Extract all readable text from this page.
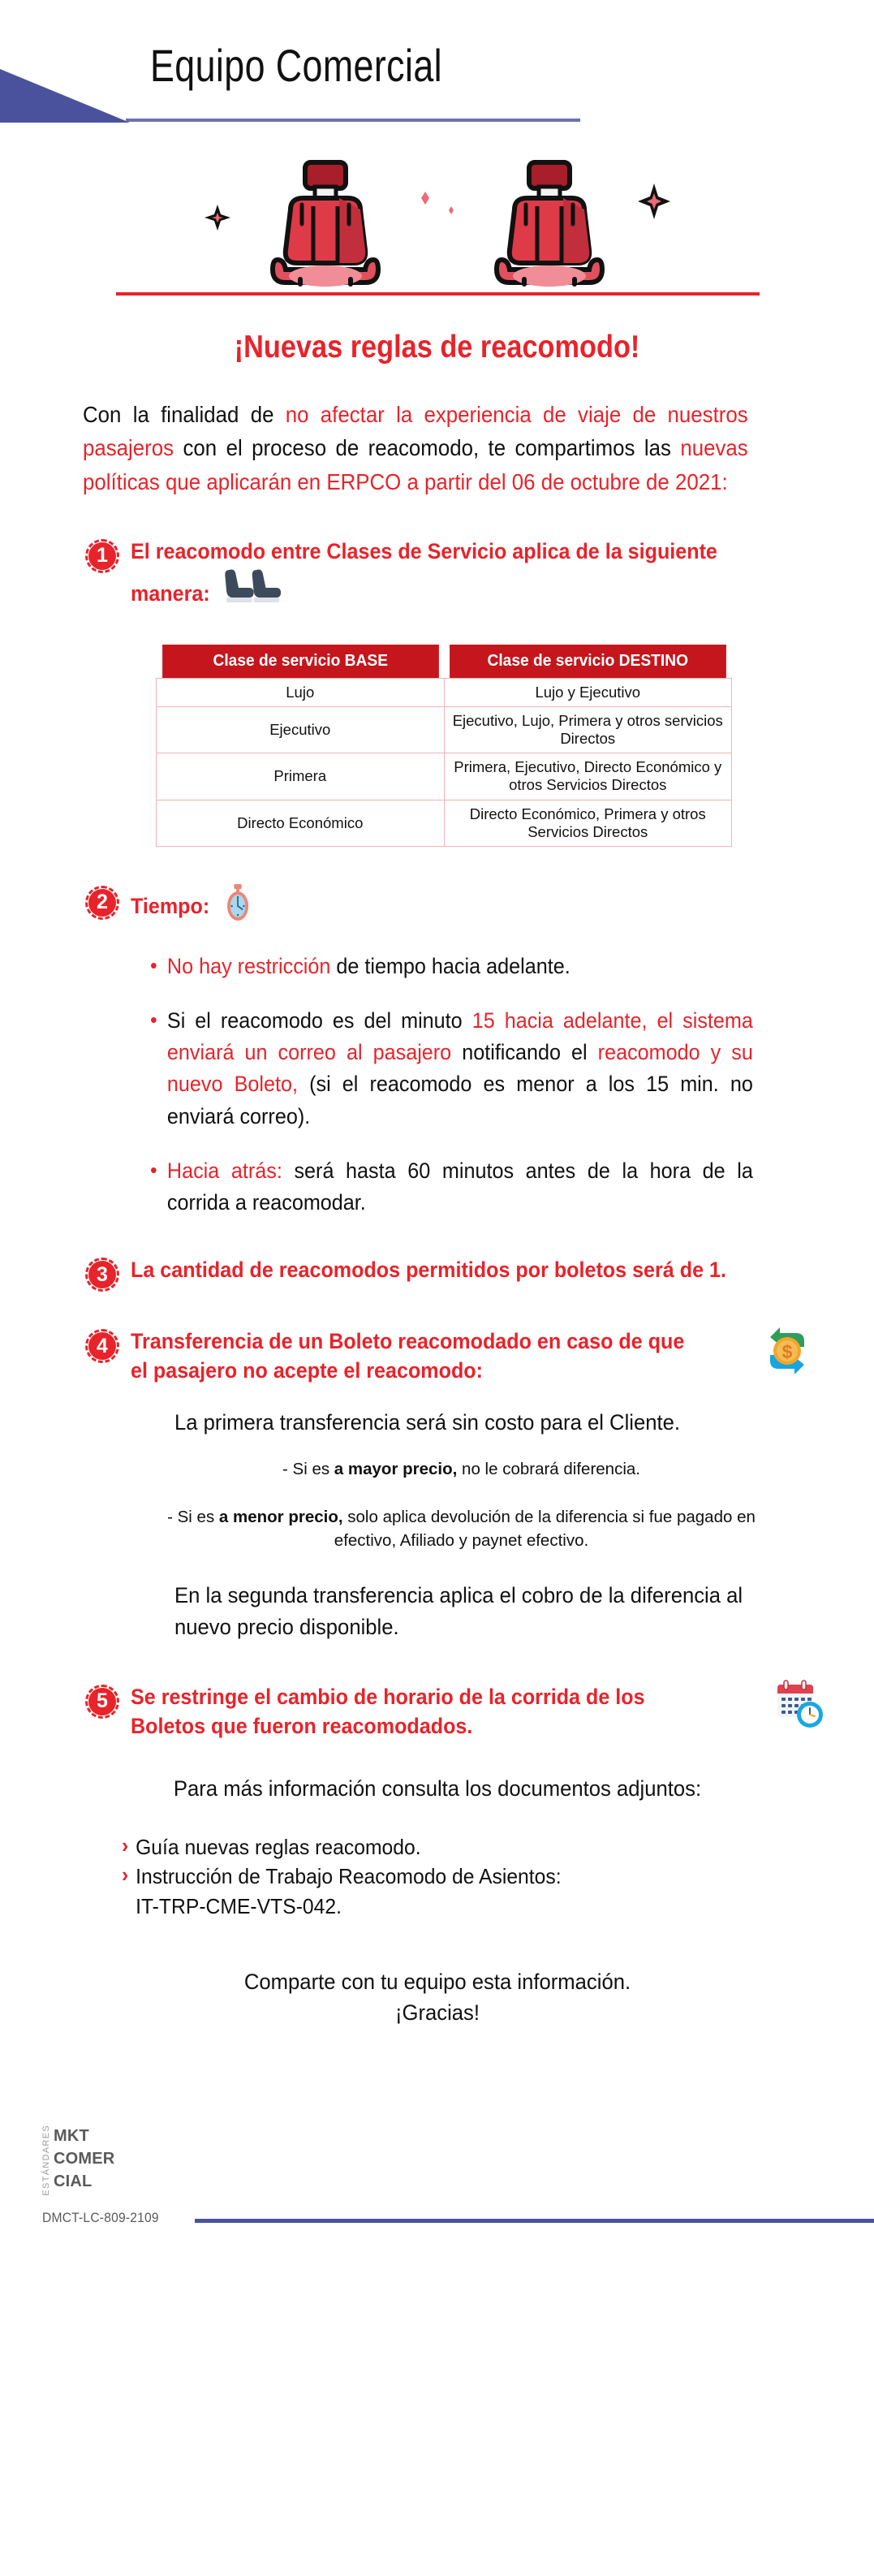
Equipo Comercial
¡Nuevas reglas de reacomodo!
Con la finalidad de no afectar la experiencia de viaje de nuestros pasajeros con el proceso de reacomodo, te compartimos las nuevas políticas que aplicarán en ERPCO a partir del 06 de octubre de 2021:
1	El reacomodo entre Clases de Servicio aplica de la siguiente manera:
Clase de servicio BASE	Clase de servicio DESTINO
Lujo	Lujo y Ejecutivo
Ejecutivo	Ejecutivo, Lujo, Primera y otros servicios Directos
Primera	Primera, Ejecutivo, Directo Económico y otros Servicios Directos
Directo Económico	Directo Económico, Primera y otros Servicios Directos
2	Tiempo:
• No hay restricción de tiempo hacia adelante.
• Si el reacomodo es del minuto 15 hacia adelante, el sistema enviará un correo al pasajero notificando el reacomodo y su nuevo Boleto, (si el reacomodo es menor a los 15 min. no enviará correo).
• Hacia atrás: será hasta 60 minutos antes de la hora de la corrida a reacomodar.
3	La cantidad de reacomodos permitidos por boletos será de 1.
4	Transferencia de un Boleto reacomodado en caso de que el pasajero no acepte el reacomodo:
$
La primera transferencia será sin costo para el Cliente.
- Si es a mayor precio, no le cobrará diferencia.
- Si es a menor precio, solo aplica devolución de la diferencia si fue pagado en efectivo, Afiliado y paynet efectivo.
En la segunda transferencia aplica el cobro de la diferencia al nuevo precio disponible.
5	Se restringe el cambio de horario de la corrida de los Boletos que fueron reacomodados.
Para más información consulta los documentos adjuntos:
› Guía nuevas reglas reacomodo.
› Instrucción de Trabajo Reacomodo de Asientos:
IT-TRP-CME-VTS-042.
Comparte con tu equipo esta información.
¡Gracias!
ESTÁNDARES MKT
COMER
CIAL
DMCT-LC-809-2109
